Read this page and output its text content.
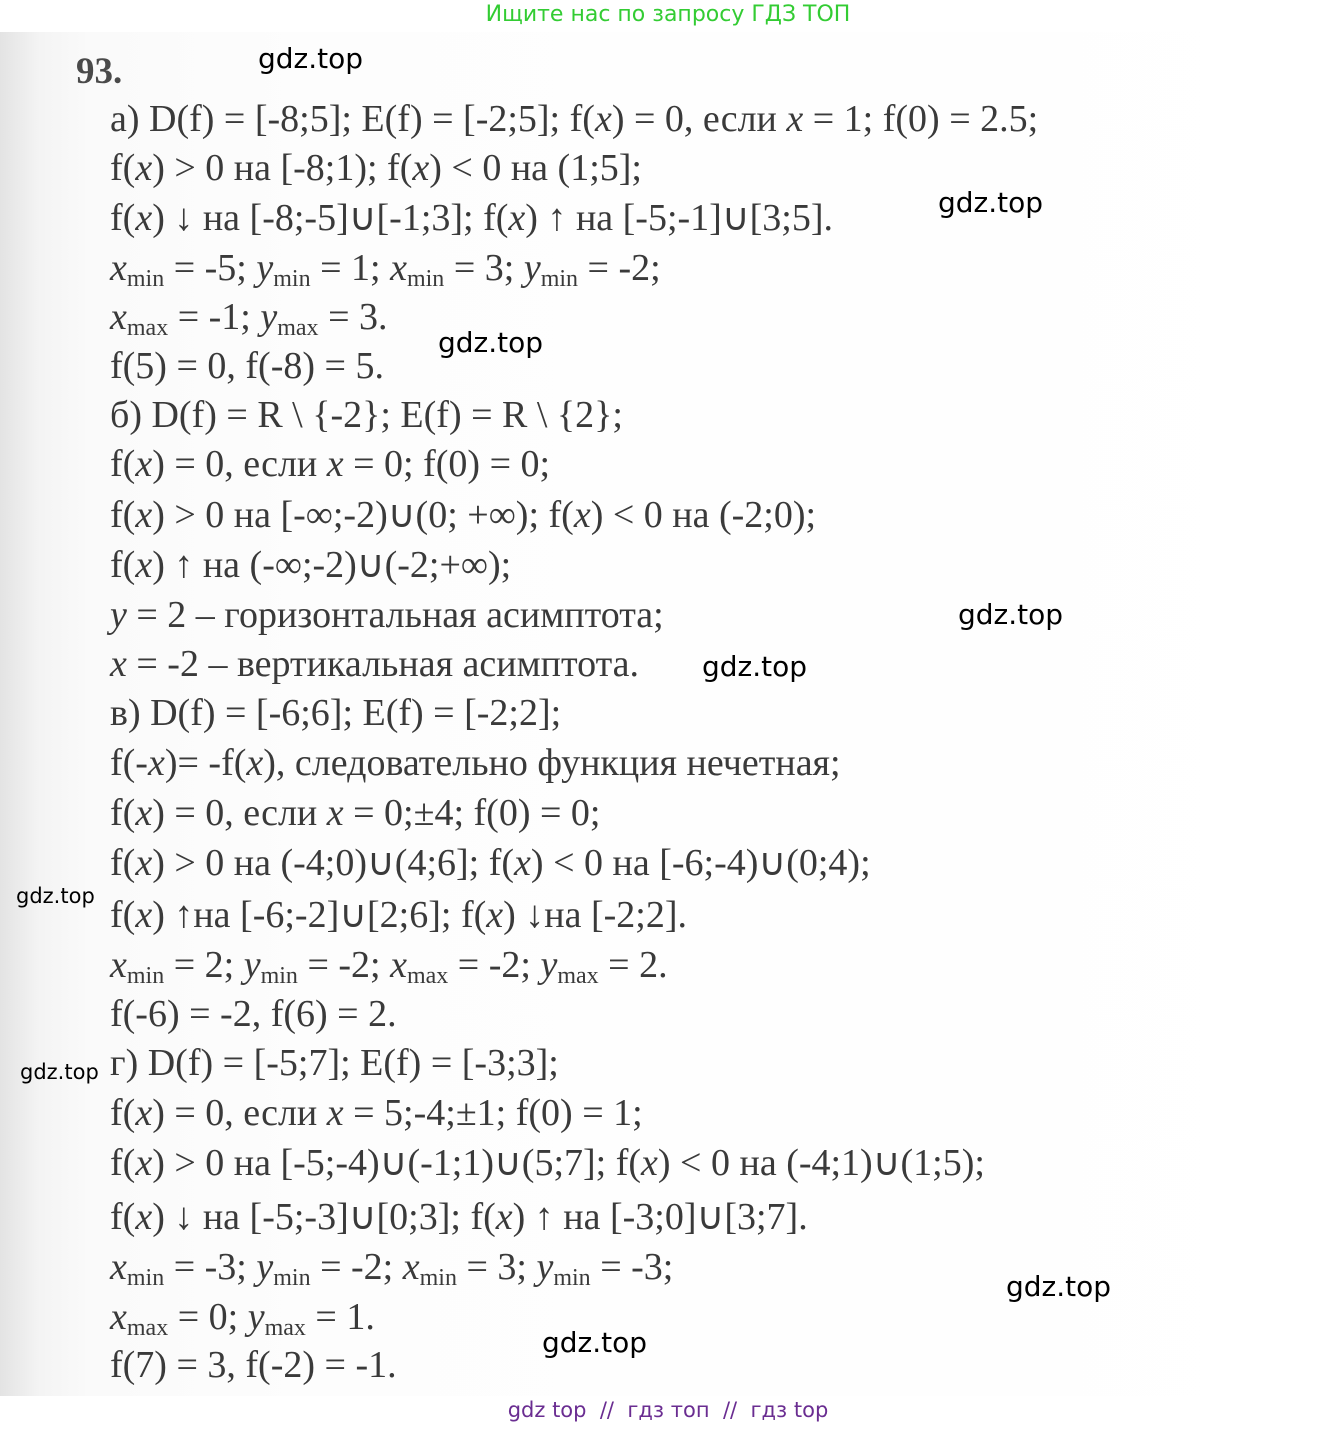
Ищите нас по запросу ГДЗ ТОП
93.
а) D(f) = [-8;5]; E(f) = [-2;5]; f(x) = 0, если x = 1; f(0) = 2.5;
f(x) > 0 на [-8;1); f(x) < 0 на (1;5];
f(x) ↓ на [-8;-5]∪[-1;3]; f(x) ↑ на [-5;-1]∪[3;5].
$x_{min} = -5$; $y_{min} = 1$; $x_{min} = 3$; $y_{min} = -2$;
$x_{max} = -1$; $y_{max} = 3$.
f(5) = 0, f(-8) = 5.
б) D(f) = R \ {-2}; E(f) = R \ {2};
f(x) = 0, если x = 0; f(0) = 0;
f(x) > 0 на [-∞;-2)∪(0; +∞); f(x) < 0 на (-2;0);
f(x) ↑ на (-∞;-2)∪(-2;+∞);
y = 2 – горизонтальная асимптота;
x = -2 – вертикальная асимптота.
в) D(f) = [-6;6]; E(f) = [-2;2];
f(-x)= -f(x), следовательно функция нечетная;
f(x) = 0, если x = 0;±4; f(0) = 0;
f(x) > 0 на (-4;0)∪(4;6]; f(x) < 0 на [-6;-4)∪(0;4);
f(x) ↑на [-6;-2]∪[2;6]; f(x) ↓на [-2;2].
$x_{min} = 2$; $y_{min} = -2$; $x_{max} = -2$; $y_{max} = 2$.
f(-6) = -2, f(6) = 2.
г) D(f) = [-5;7]; E(f) = [-3;3];
f(x) = 0, если x = 5;-4;±1; f(0) = 1;
f(x) > 0 на [-5;-4)∪(-1;1)∪(5;7]; f(x) < 0 на (-4;1)∪(1;5);
f(x) ↓ на [-5;-3]∪[0;3]; f(x) ↑ на [-3;0]∪[3;7].
$x_{min} = -3$; $y_{min} = -2$; $x_{min} = 3$; $y_{min} = -3$;
$x_{max} = 0$; $y_{max} = 1$.
f(7) = 3, f(-2) = -1.
gdz.top
gdz.top
gdz.top
gdz.top
gdz.top
gdz.top
gdz.top
gdz.top
gdz.top
gdz top // гдз топ // гдз top
